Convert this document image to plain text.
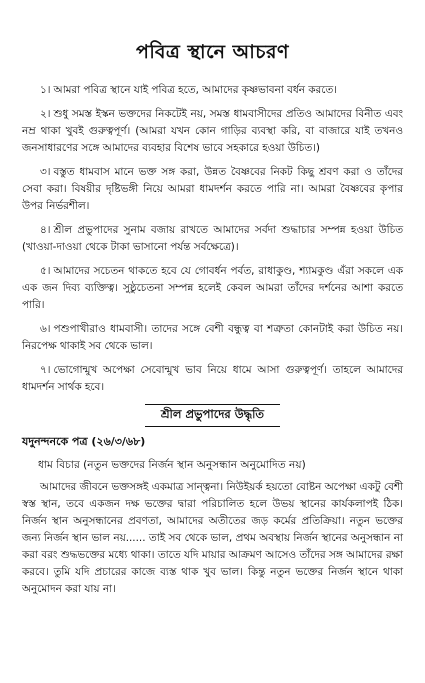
পবিত্র স্থানে আচরণ

১। আমরা পবিত্র স্থানে যাই পবিত্র হতে, আমাদের কৃষ্ণভাবনা বর্ধন করতে।

২। শুধু সমস্ত ইস্কন ভক্তদের নিকটেই নয়, সমস্ত ধামবাসীদের প্রতিও আমাদের বিনীত এবং নম্র থাকা খুবই গুরুত্বপূর্ণ। (আমরা যখন কোন গাড়ির ব্যবস্থা করি, বা বাজারে যাই তখনও জনসাধারণের সঙ্গে আমাদের ব্যবহার বিশেষ ভাবে সহকারে হওয়া উচিত।)

৩। বস্তুত ধামবাস মানে ভক্ত সঙ্গ করা, উন্নত বৈষ্ণবের নিকট কিছু শ্রবণ করা ও তাঁদের সেবা করা। বিষয়ীর দৃষ্টিভঙ্গী নিয়ে আমরা ধামদর্শন করতে পারি না। আমরা বৈষ্ণবের কৃপার উপর নির্ভরশীল।

৪। শ্রীল প্রভুপাদের সুনাম বজায় রাখতে আমাদের সর্বদা শুদ্ধাচার সম্পন্ন হওয়া উচিত (খাওয়া-দাওয়া থেকে টাকা ভাসানো পর্যন্ত সর্বক্ষেত্রে)।

৫। আমাদের সচেতন থাকতে হবে যে গোবর্ধন পর্বত, রাধাকুণ্ড, শ্যামকুণ্ড এঁরা সকলে এক এক জন দিব্য ব্যক্তিত্ব। সুষ্ঠুচেতনা সম্পন্ন হলেই কেবল আমরা তাঁদের দর্শনের আশা করতে পারি।

৬। পশুপাখীরাও ধামবাসী। তাদের সঙ্গে বেশী বন্ধুত্ব বা শত্রুতা কোনটাই করা উচিত নয়। নিরপেক্ষ থাকাই সব থেকে ভাল।

৭। ভোগোন্মুখ অপেক্ষা সেবোন্মুখ ভাব নিয়ে ধামে আসা গুরুত্বপূর্ণ। তাহলে আমাদের ধামদর্শন সার্থক হবে।

শ্রীল প্রভুপাদের উদ্ধৃতি
যদুনন্দনকে পত্র (২৬/৩/৬৮)
ধাম বিচার (নতুন ভক্তদের নির্জন স্থান অনুসন্ধান অনুমোদিত নয়)

আমাদের জীবনে ভক্তসঙ্গই একমাত্র সান্ত্বনা। নিউইয়র্ক হয়তো বোষ্টন অপেক্ষা একটু বেশী স্বস্ত স্থান, তবে একজন দক্ষ ভক্তের দ্বারা পরিচালিত হলে উভয় স্থানের কার্যকলাপই ঠিক। নির্জন স্থান অনুসন্ধানের প্রবণতা, আমাদের অতীতের জড় কর্মের প্রতিক্রিয়া। নতুন ভক্তের জন্য নির্জন স্থান ভাল নয়...... তাই সব থেকে ভাল, প্রথম অবস্থায় নির্জন স্থানের অনুসন্ধান না করা বরং শুদ্ধভক্তের মধ্যে থাকা। তাতে যদি মায়ার আক্রমণ আসেও তাঁদের সঙ্গ আমাদের রক্ষা করবে। তুমি যদি প্রচারের কাজে ব্যস্ত থাক খুব ভাল। কিন্তু নতুন ভক্তের নির্জন স্থানে থাকা অনুমোদন করা যায় না।
